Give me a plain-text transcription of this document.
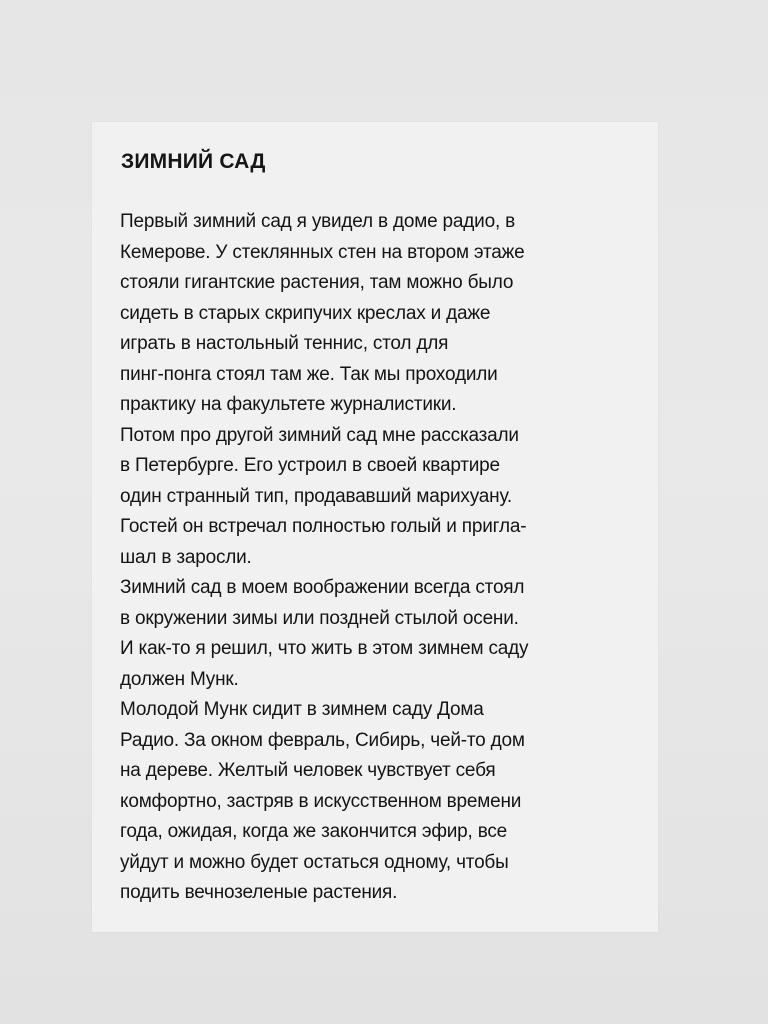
ЗИМНИЙ САД
Первый зимний сад я увидел в доме радио, в
Кемерове. У стеклянных стен на втором этаже
стояли гигантские растения, там можно было
сидеть в старых скрипучих креслах и даже
играть в настольный теннис, стол для
пинг-понга стоял там же. Так мы проходили
практику на факультете журналистики.
Потом про другой зимний сад мне рассказали
в Петербурге. Его устроил в своей квартире
один странный тип, продававший марихуану.
Гостей он встречал полностью голый и пригла-
шал в заросли.
Зимний сад в моем воображении всегда стоял
в окружении зимы или поздней стылой осени.
И как-то я решил, что жить в этом зимнем саду
должен Мунк.
Молодой Мунк сидит в зимнем саду Дома
Радио. За окном февраль, Сибирь, чей-то дом
на дереве. Желтый человек чувствует себя
комфортно, застряв в искусственном времени
года, ожидая, когда же закончится эфир, все
уйдут и можно будет остаться одному, чтобы
подить вечнозеленые растения.
